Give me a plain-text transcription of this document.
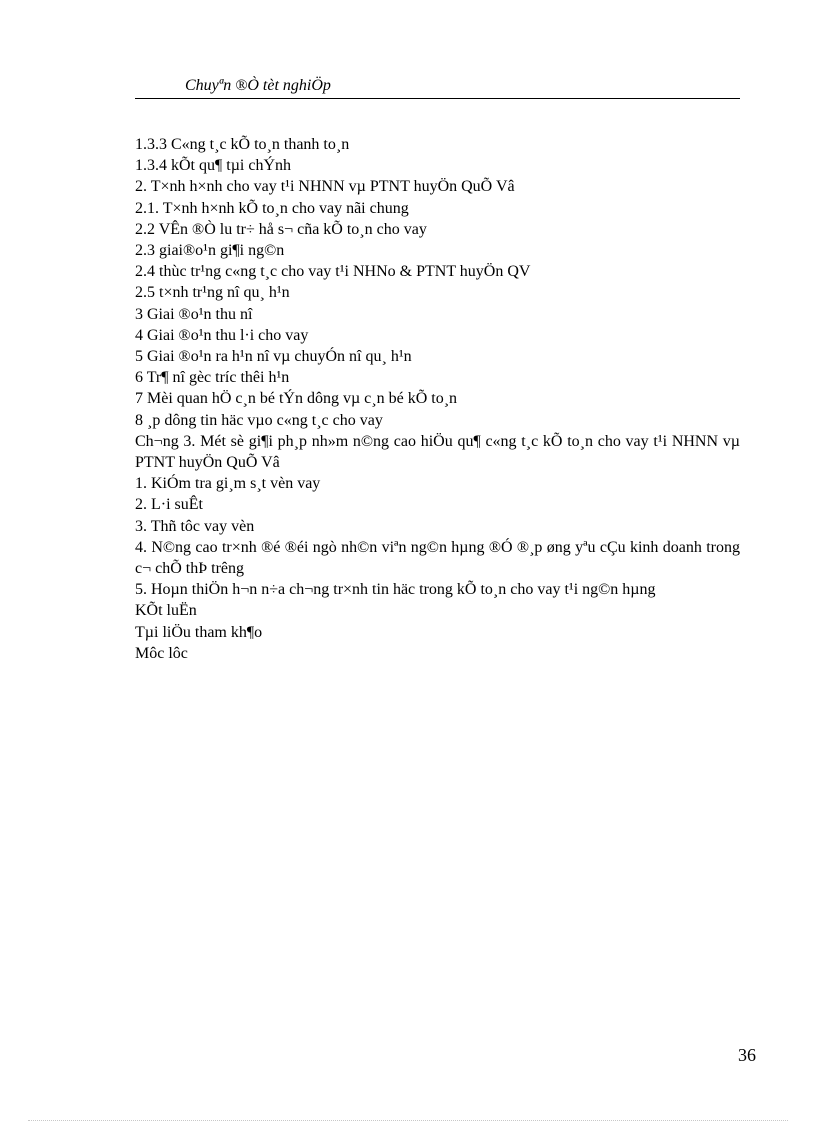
Chuyªn ®Ò tèt nghiÖp
1.3.3 C«ng t¸c kÕ to¸n thanh to¸n
1.3.4 kÕt qu¶ tµi chÝnh
2. T×nh h×nh cho vay t¹i NHNN vµ PTNT huyÖn QuÕ Vâ
2.1. T×nh h×nh kÕ to¸n cho vay nãi chung
2.2 VÊn ®Ò lu tr÷ hå s¬ cña kÕ to¸n cho vay
2.3 giai®o¹n gi¶i ng©n
2.4 thùc tr¹ng c«ng t¸c cho vay t¹i NHNo & PTNT huyÖn QV
2.5 t×nh tr¹ng nî qu¸ h¹n
3 Giai ®o¹n thu nî
4 Giai ®o¹n thu l·i cho vay
5 Giai ®o¹n ra h¹n nî vµ chuyÓn nî qu¸ h¹n
6 Tr¶ nî gèc tríc thêi h¹n
7 Mèi quan hÖ c¸n bé tÝn dông vµ c¸n bé kÕ to¸n
8 ¸p dông tin häc vµo c«ng t¸c cho vay
Ch¬ng 3. Mét sè gi¶i ph¸p nh»m n©ng cao hiÖu qu¶ c«ng t¸c kÕ to¸n cho vay t¹i NHNN vµ PTNT huyÖn QuÕ Vâ
1. KiÓm tra gi¸m s¸t vèn vay
2. L·i suÊt
3. Thñ tôc vay vèn
4. N©ng cao tr×nh ®é ®éi ngò nh©n viªn ng©n hµng ®Ó ®¸p øng yªu cÇu kinh doanh trong c¬ chÕ thÞ trêng
5. Hoµn thiÖn h¬n n÷a ch¬ng tr×nh tin häc trong kÕ to¸n cho vay t¹i ng©n hµng
KÕt luËn
Tµi liÖu tham kh¶o
Môc lôc
36
